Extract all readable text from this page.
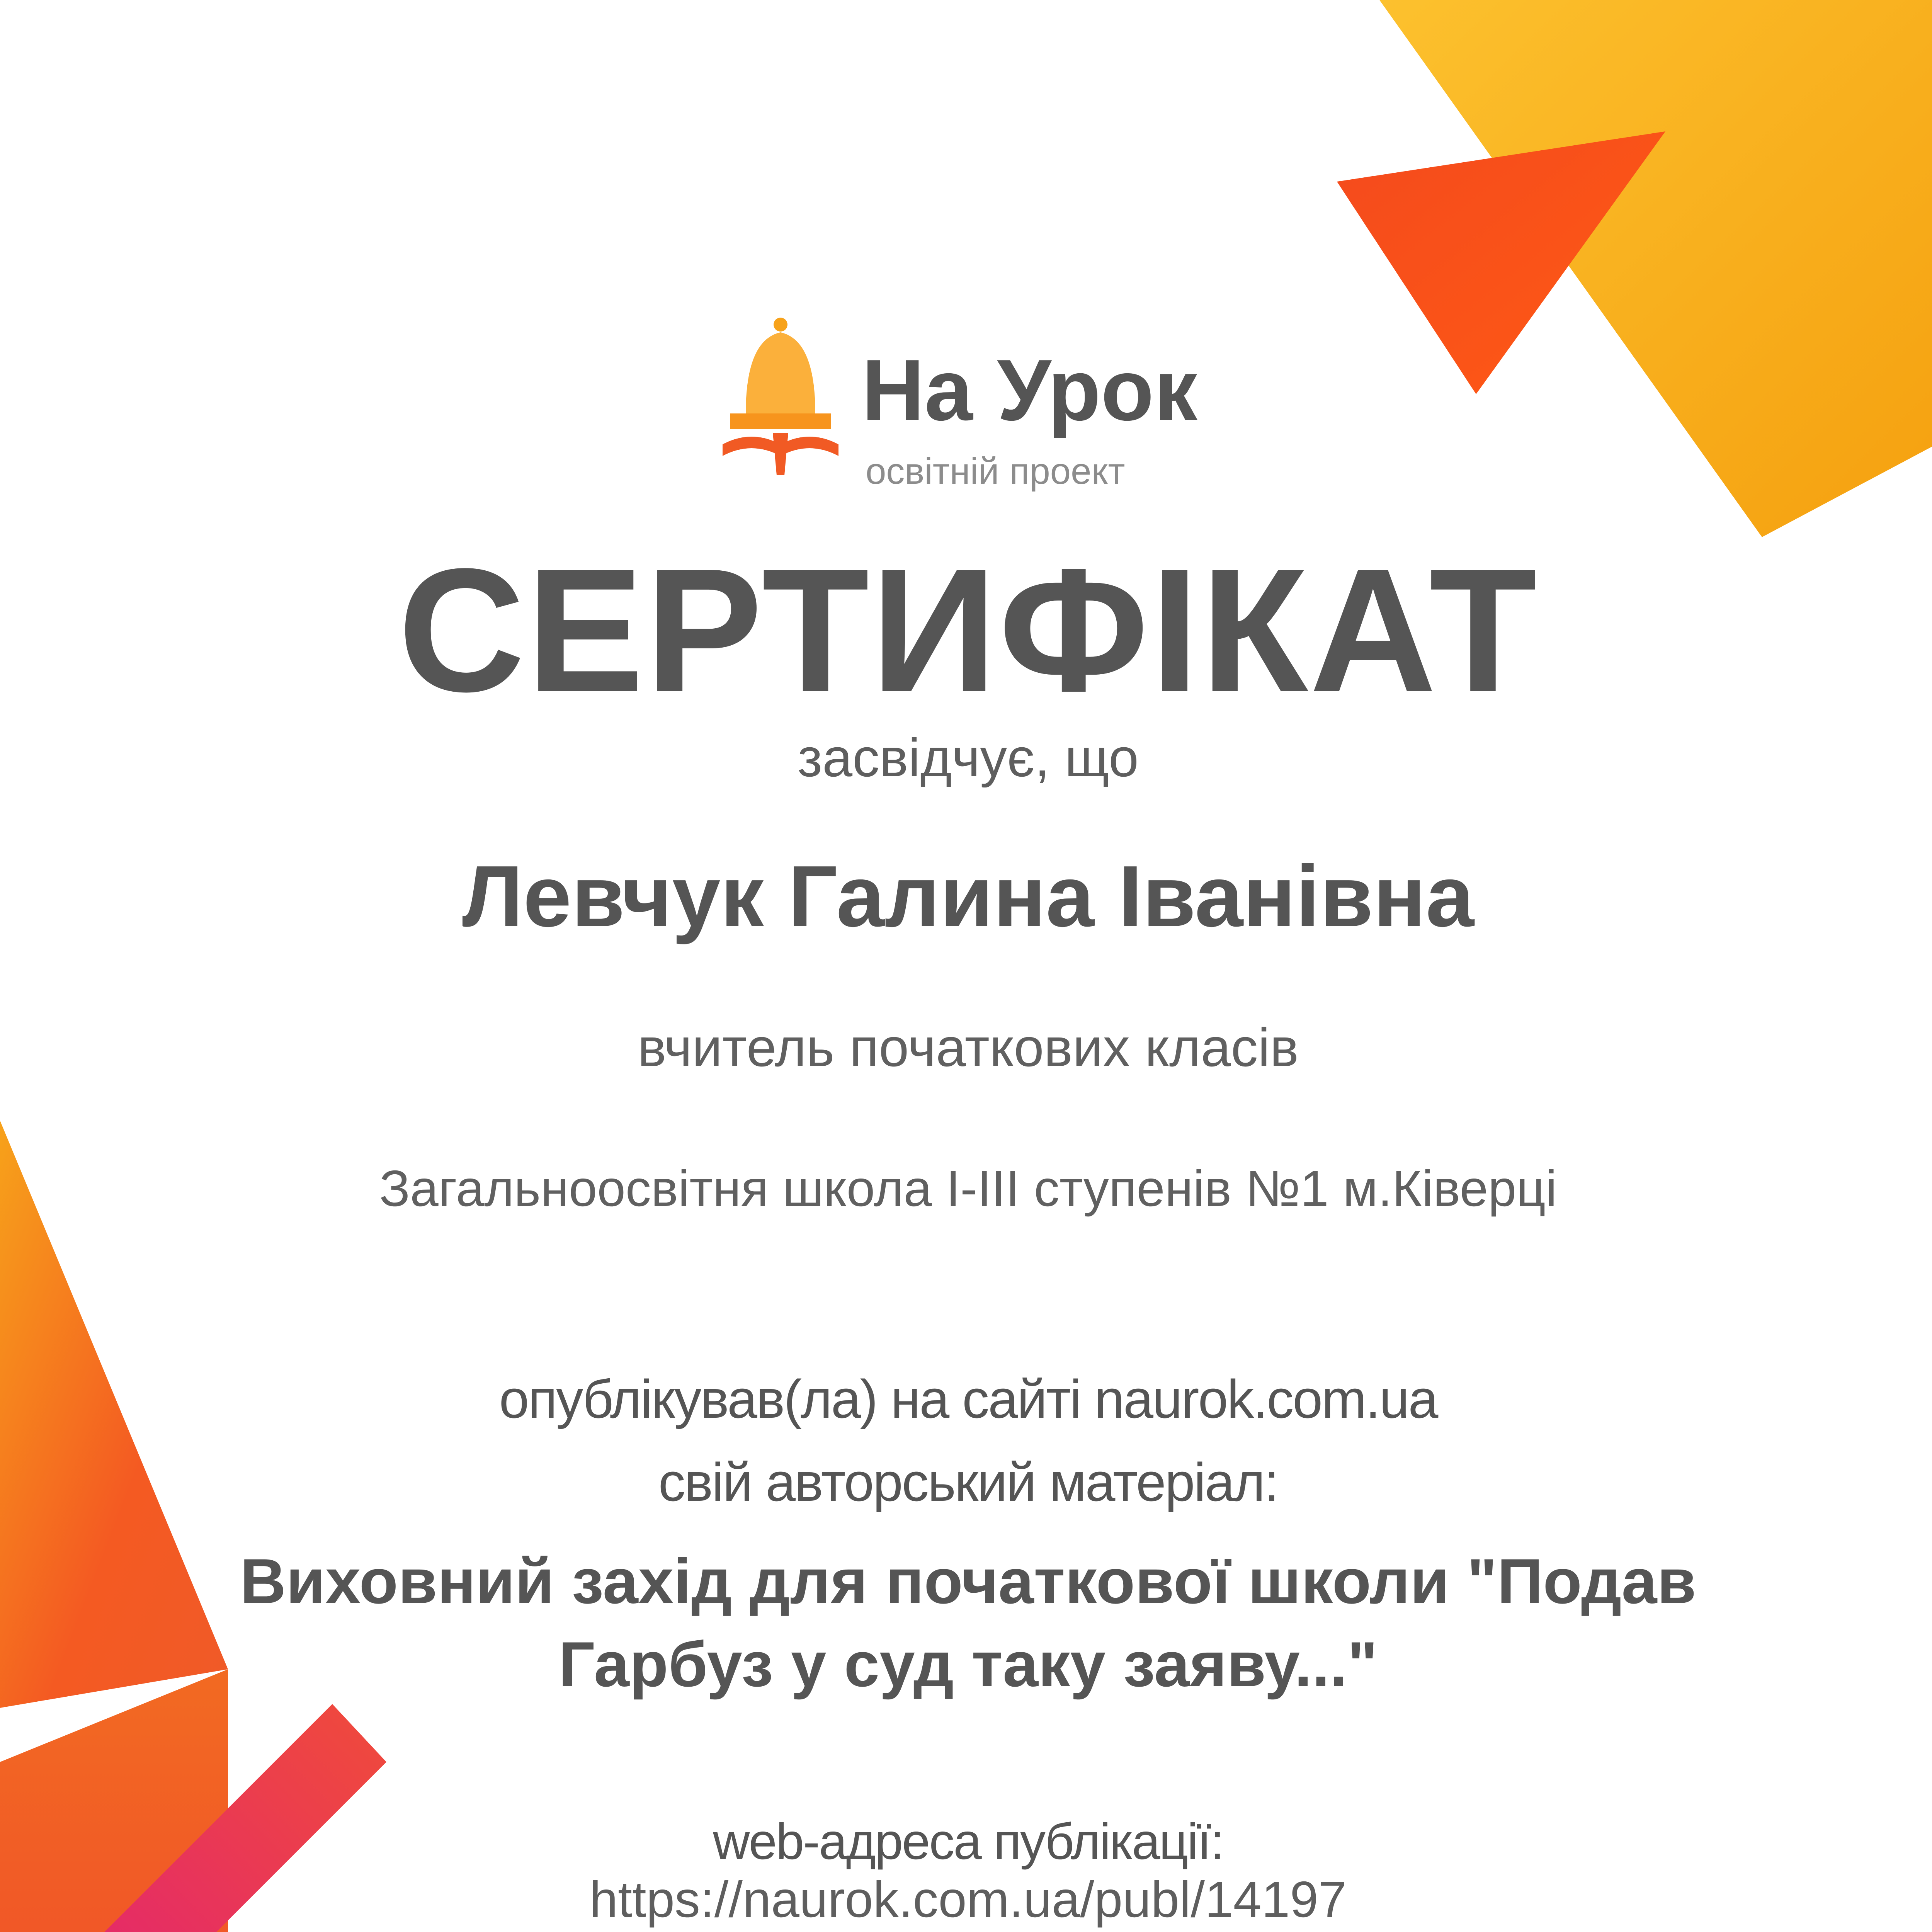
На Урок
освітній проект
СЕРТИФІКАТ
засвідчує, що
Левчук Галина Іванівна
вчитель початкових класів
Загальноосвітня школа І-ІІІ ступенів №1 м.Ківерці
опублікував(ла) на сайті naurok.com.ua
свій авторський матеріал:
Виховний захід для початкової школи "Подав Гарбуз у суд таку заяву..."
web-адреса публікації:
https://naurok.com.ua/publ/14197
